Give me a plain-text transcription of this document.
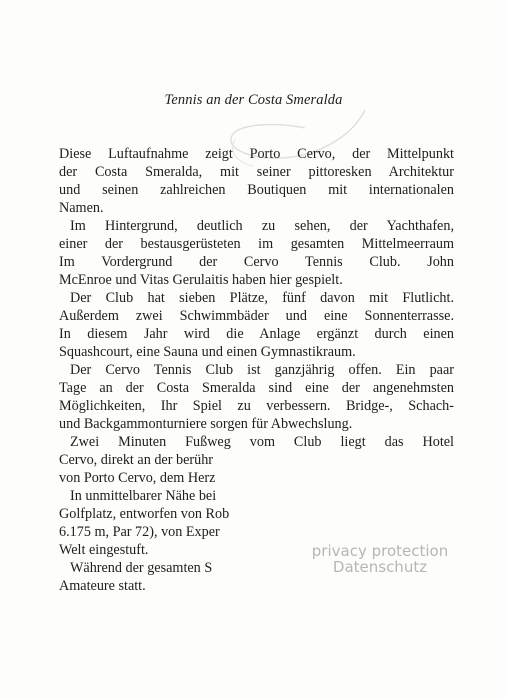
Tennis an der Costa Smeralda
Diese Luftaufnahme zeigt Porto Cervo, der Mittelpunkt
der Costa Smeralda, mit seiner pittoresken Architektur
und seinen zahlreichen Boutiquen mit internationalen
Namen.
Im Hintergrund, deutlich zu sehen, der Yachthafen,
einer der bestausgerüsteten im gesamten Mittelmeerraum
Im Vordergrund der Cervo Tennis Club. John
McEnroe und Vitas Gerulaitis haben hier gespielt.
Der Club hat sieben Plätze, fünf davon mit Flutlicht.
Außerdem zwei Schwimmbäder und eine Sonnenterrasse.
In diesem Jahr wird die Anlage ergänzt durch einen
Squashcourt, eine Sauna und einen Gymnastikraum.
Der Cervo Tennis Club ist ganzjährig offen. Ein paar
Tage an der Costa Smeralda sind eine der angenehmsten
Möglichkeiten, Ihr Spiel zu verbessern. Bridge-, Schach-
und Backgammonturniere sorgen für Abwechslung.
Zwei Minuten Fußweg vom Club liegt das Hotel
Cervo, direkt an der berühr
von Porto Cervo, dem Herz
In unmittelbarer Nähe bei
Golfplatz, entworfen von Rob
6.175 m, Par 72), von Exper
Welt eingestuft.
Während der gesamten S
Amateure statt.
privacy protection
Datenschutz
